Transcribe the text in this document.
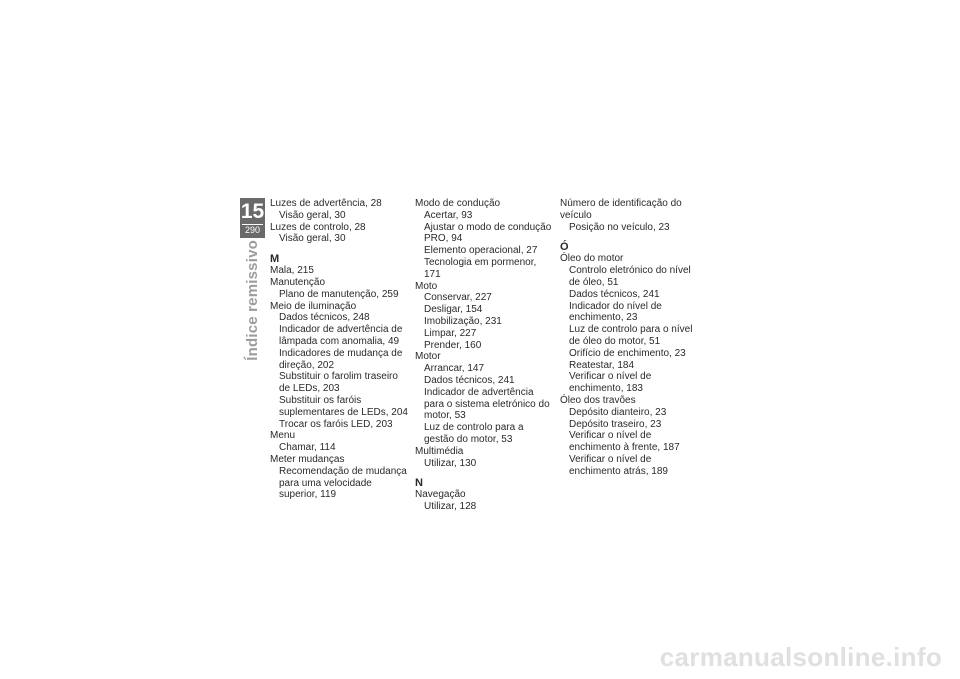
15
290
Índice remissivo
Luzes de advertência, 28
Visão geral, 30
Luzes de controlo, 28
Visão geral, 30
M
Mala, 215
Manutenção
Plano de manutenção, 259
Meio de iluminação
Dados técnicos, 248
Indicador de advertência de lâmpada com anomalia, 49
Indicadores de mudança de direção, 202
Substituir o farolim traseiro de LEDs, 203
Substituir os faróis suplementares de LEDs, 204
Trocar os faróis LED, 203
Menu
Chamar, 114
Meter mudanças
Recomendação de mudança para uma velocidade superior, 119
Modo de condução
Acertar, 93
Ajustar o modo de condução PRO, 94
Elemento operacional, 27
Tecnologia em pormenor, 171
Moto
Conservar, 227
Desligar, 154
Imobilização, 231
Limpar, 227
Prender, 160
Motor
Arrancar, 147
Dados técnicos, 241
Indicador de advertência para o sistema eletrónico do motor, 53
Luz de controlo para a gestão do motor, 53
Multimédia
Utilizar, 130
N
Navegação
Utilizar, 128
Número de identificação do veículo
Posição no veículo, 23
Ó
Óleo do motor
Controlo eletrónico do nível de óleo, 51
Dados técnicos, 241
Indicador do nível de enchimento, 23
Luz de controlo para o nível de óleo do motor, 51
Orifício de enchimento, 23
Reatestar, 184
Verificar o nível de enchimento, 183
Óleo dos travões
Depósito dianteiro, 23
Depósito traseiro, 23
Verificar o nível de enchimento à frente, 187
Verificar o nível de enchimento atrás, 189
carmanualsonline.info
